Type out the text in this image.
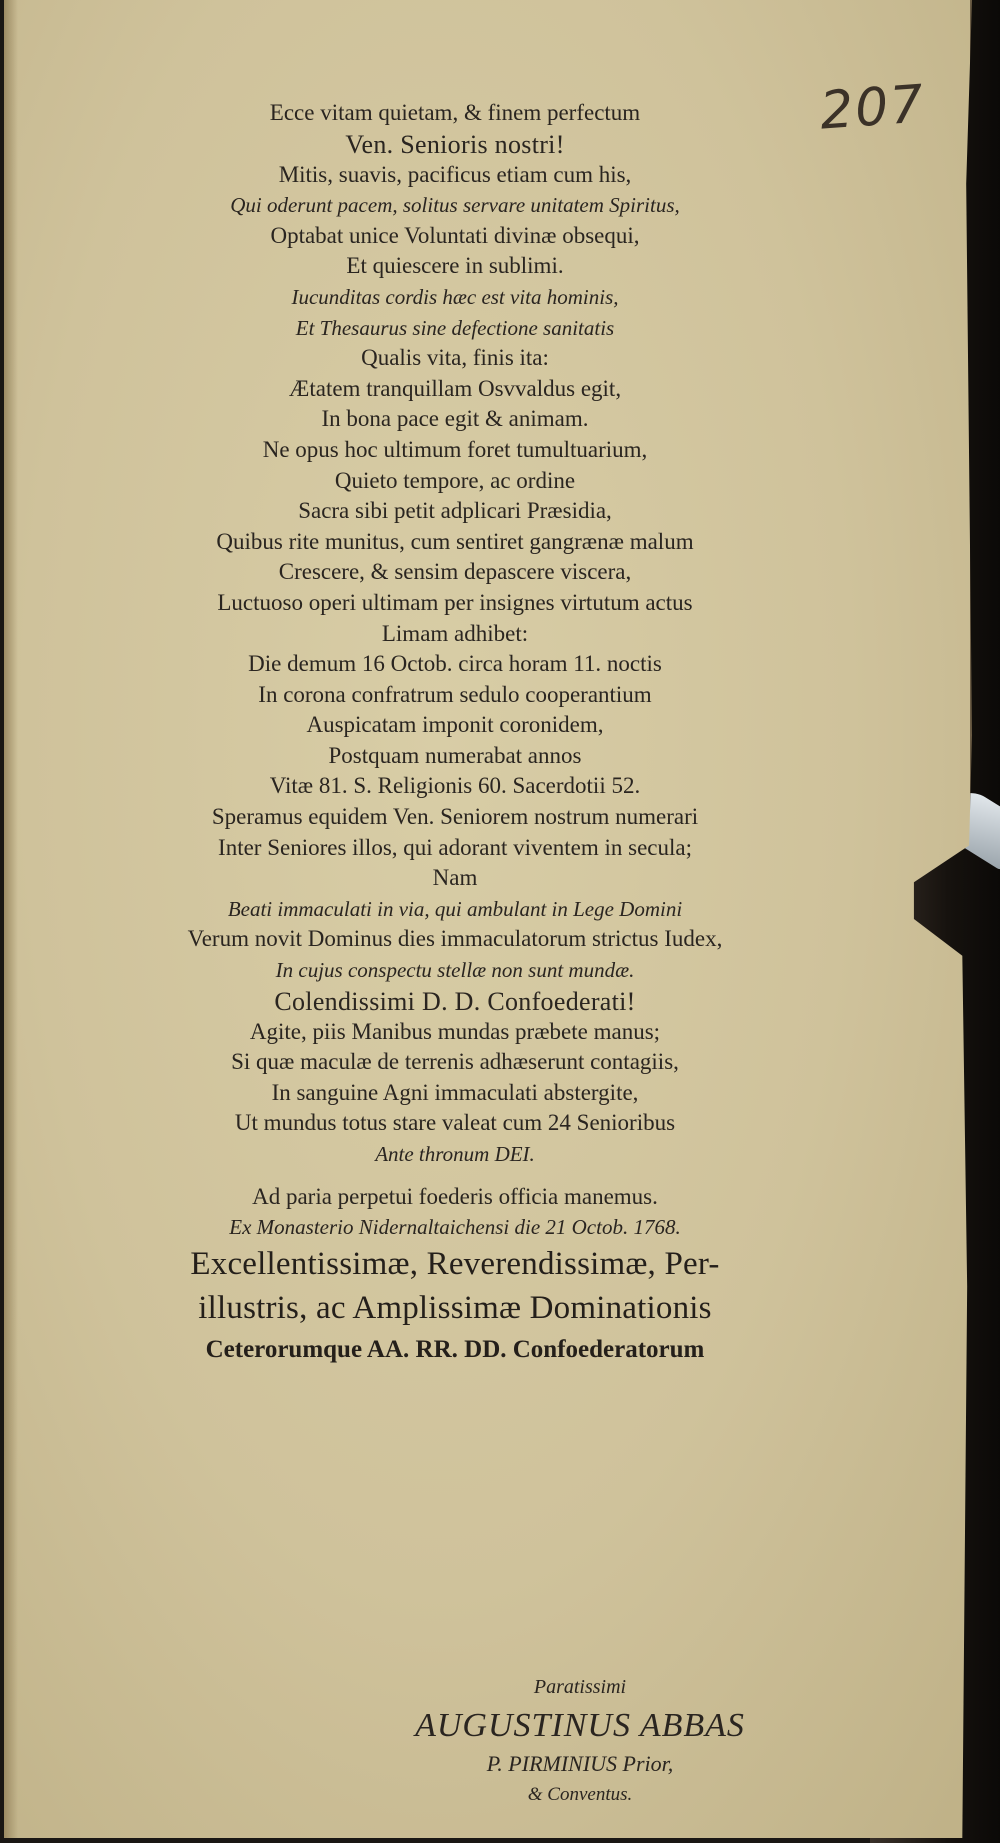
207
Ecce vitam quietam, & finem perfectum
Ven. Senioris nostri!
Mitis, suavis, pacificus etiam cum his,
Qui oderunt pacem, solitus servare unitatem Spiritus,
Optabat unice Voluntati divinæ obsequi,
Et quiescere in sublimi.
Iucunditas cordis hæc est vita hominis,
Et Thesaurus sine defectione sanitatis
Qualis vita, finis ita:
Ætatem tranquillam Osvvaldus egit,
In bona pace egit & animam.
Ne opus hoc ultimum foret tumultuarium,
Quieto tempore, ac ordine
Sacra sibi petit adplicari Præsidia,
Quibus rite munitus, cum sentiret gangrænæ malum
Crescere, & sensim depascere viscera,
Luctuoso operi ultimam per insignes virtutum actus
Limam adhibet:
Die demum 16 Octob. circa horam 11. noctis
In corona confratrum sedulo cooperantium
Auspicatam imponit coronidem,
Postquam numerabat annos
Vitæ 81. S. Religionis 60. Sacerdotii 52.
Speramus equidem Ven. Seniorem nostrum numerari
Inter Seniores illos, qui adorant viventem in secula;
Nam
Beati immaculati in via, qui ambulant in Lege Domini
Verum novit Dominus dies immaculatorum strictus Iudex,
In cujus conspectu stellæ non sunt mundæ.
Colendissimi D. D. Confoederati!
Agite, piis Manibus mundas præbete manus;
Si quæ maculæ de terrenis adhæserunt contagiis,
In sanguine Agni immaculati abstergite,
Ut mundus totus stare valeat cum 24 Senioribus
Ante thronum DEI.
Ad paria perpetui foederis officia manemus.
Ex Monasterio Nidernaltaichensi die 21 Octob. 1768.
Excellentissimæ, Reverendissimæ, Per-
illustris, ac Amplissimæ Dominationis
Ceterorumque AA. RR. DD. Confoederatorum
Paratissimi
AUGUSTINUS ABBAS
P. PIRMINIUS Prior,
& Conventus.
